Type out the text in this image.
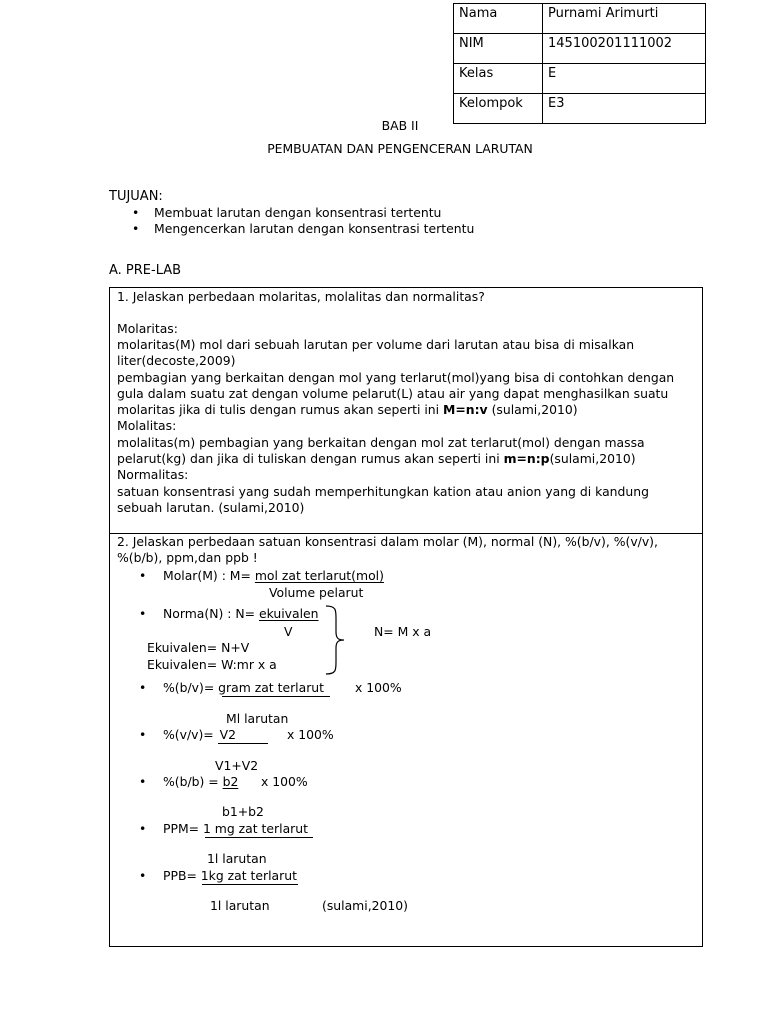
Nama	Purnami Arimurti
NIM	145100201111002
Kelas	E
Kelompok	E3
BAB II
PEMBUATAN DAN PENGENCERAN LARUTAN
TUJUAN:
• Membuat larutan dengan konsentrasi tertentu
• Mengencerkan larutan dengan konsentrasi tertentu
A. PRE-LAB
1. Jelaskan perbedaan molaritas, molalitas dan normalitas?
Molaritas:
molaritas(M) mol dari sebuah larutan per volume dari larutan atau bisa di misalkan
liter(decoste,2009)
pembagian yang berkaitan dengan mol yang terlarut(mol)yang bisa di contohkan dengan
gula dalam suatu zat dengan volume pelarut(L) atau air yang dapat menghasilkan suatu
molaritas jika di tulis dengan rumus akan seperti ini M=n:v (sulami,2010)
Molalitas:
molalitas(m) pembagian yang berkaitan dengan mol zat terlarut(mol) dengan massa
pelarut(kg) dan jika di tuliskan dengan rumus akan seperti ini m=n:p(sulami,2010)
Normalitas:
satuan konsentrasi yang sudah memperhitungkan kation atau anion yang di kandung
sebuah larutan. (sulami,2010)
2. Jelaskan perbedaan satuan konsentrasi dalam molar (M), normal (N), %(b/v), %(v/v),
%(b/b), ppm,dan ppb !
• Molar(M) : M= mol zat terlarut(mol)
Volume pelarut
• Norma(N) : N= ekuivalen
V	N= M x a
Ekuivalen= N+V
Ekuivalen= W:mr x a
• %(b/v)= gram zat terlarut x 100%
Ml larutan
• %(v/v)= V2	x 100%
V1+V2
• %(b/b) = b2 x 100%
b1+b2
• PPM= 1 mg zat terlarut
1l larutan
• PPB= 1kg zat terlarut
1l larutan	(sulami,2010)
